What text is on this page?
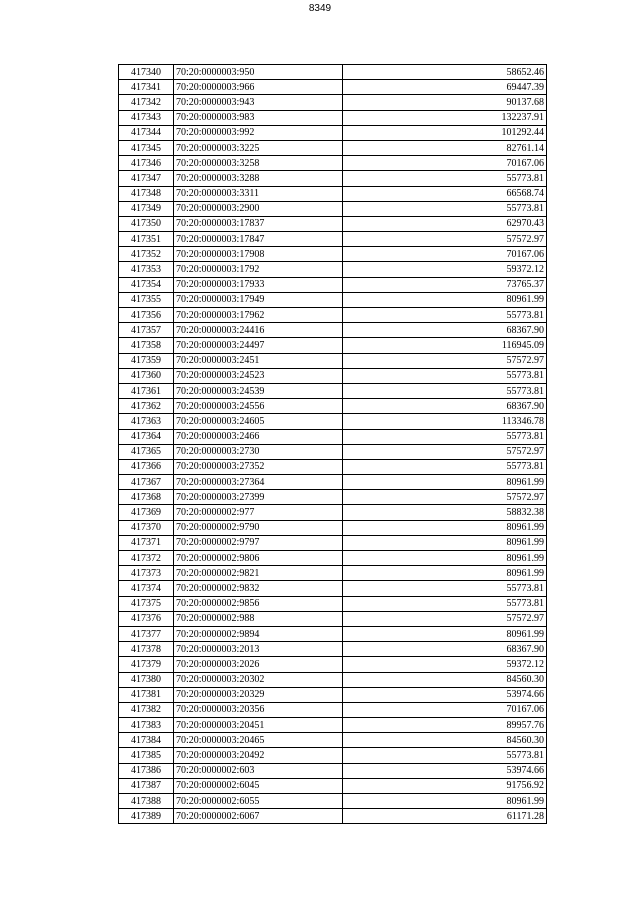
8349
417340	70:20:0000003:950	58652.46
417341	70:20:0000003:966	69447.39
417342	70:20:0000003:943	90137.68
417343	70:20:0000003:983	132237.91
417344	70:20:0000003:992	101292.44
417345	70:20:0000003:3225	82761.14
417346	70:20:0000003:3258	70167.06
417347	70:20:0000003:3288	55773.81
417348	70:20:0000003:3311	66568.74
417349	70:20:0000003:2900	55773.81
417350	70:20:0000003:17837	62970.43
417351	70:20:0000003:17847	57572.97
417352	70:20:0000003:17908	70167.06
417353	70:20:0000003:1792	59372.12
417354	70:20:0000003:17933	73765.37
417355	70:20:0000003:17949	80961.99
417356	70:20:0000003:17962	55773.81
417357	70:20:0000003:24416	68367.90
417358	70:20:0000003:24497	116945.09
417359	70:20:0000003:2451	57572.97
417360	70:20:0000003:24523	55773.81
417361	70:20:0000003:24539	55773.81
417362	70:20:0000003:24556	68367.90
417363	70:20:0000003:24605	113346.78
417364	70:20:0000003:2466	55773.81
417365	70:20:0000003:2730	57572.97
417366	70:20:0000003:27352	55773.81
417367	70:20:0000003:27364	80961.99
417368	70:20:0000003:27399	57572.97
417369	70:20:0000002:977	58832.38
417370	70:20:0000002:9790	80961.99
417371	70:20:0000002:9797	80961.99
417372	70:20:0000002:9806	80961.99
417373	70:20:0000002:9821	80961.99
417374	70:20:0000002:9832	55773.81
417375	70:20:0000002:9856	55773.81
417376	70:20:0000002:988	57572.97
417377	70:20:0000002:9894	80961.99
417378	70:20:0000003:2013	68367.90
417379	70:20:0000003:2026	59372.12
417380	70:20:0000003:20302	84560.30
417381	70:20:0000003:20329	53974.66
417382	70:20:0000003:20356	70167.06
417383	70:20:0000003:20451	89957.76
417384	70:20:0000003:20465	84560.30
417385	70:20:0000003:20492	55773.81
417386	70:20:0000002:603	53974.66
417387	70:20:0000002:6045	91756.92
417388	70:20:0000002:6055	80961.99
417389	70:20:0000002:6067	61171.28
